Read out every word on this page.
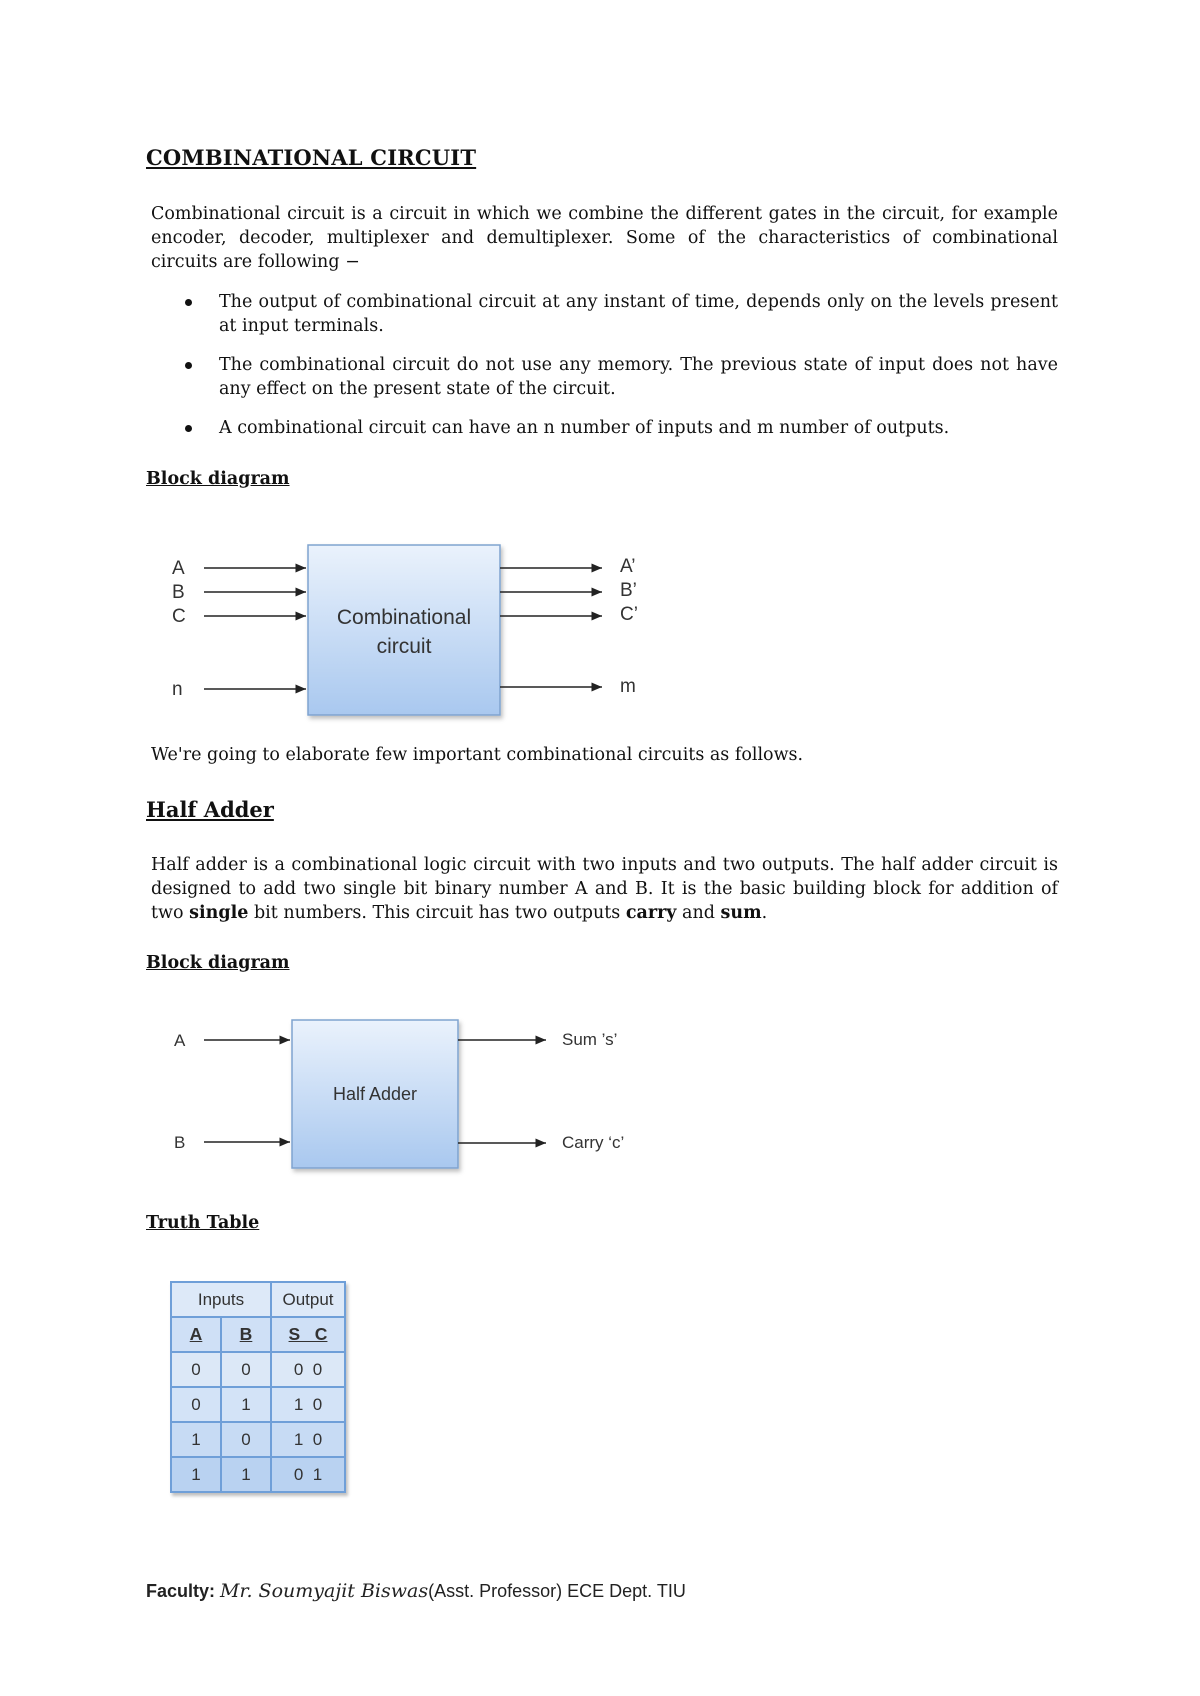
COMBINATIONAL CIRCUIT
Combinational circuit is a circuit in which we combine the different gates in the circuit, for example encoder, decoder, multiplexer and demultiplexer. Some of the characteristics of combinational circuits are following −
The output of combinational circuit at any instant of time, depends only on the levels present at input terminals.
The combinational circuit do not use any memory. The previous state of input does not have any effect on the present state of the circuit.
A combinational circuit can have an n number of inputs and m number of outputs.
Block diagram
Combinational
circuit
A
B
C
n
A’
B’
C’
m
We're going to elaborate few important combinational circuits as follows.
Half Adder
Half adder is a combinational logic circuit with two inputs and two outputs. The half adder circuit is designed to add two single bit binary number A and B. It is the basic building block for addition of two single bit numbers. This circuit has two outputs carry and sum.
Block diagram
Half Adder
A
B
Sum ’s’
Carry ‘c’
Truth Table
Inputs		Output
A	B	S   C
0	0	0  0
0	1	1  0
1	0	1  0
1	1	0  1
Faculty: Mr. Soumyajit Biswas(Asst. Professor) ECE Dept. TIU
